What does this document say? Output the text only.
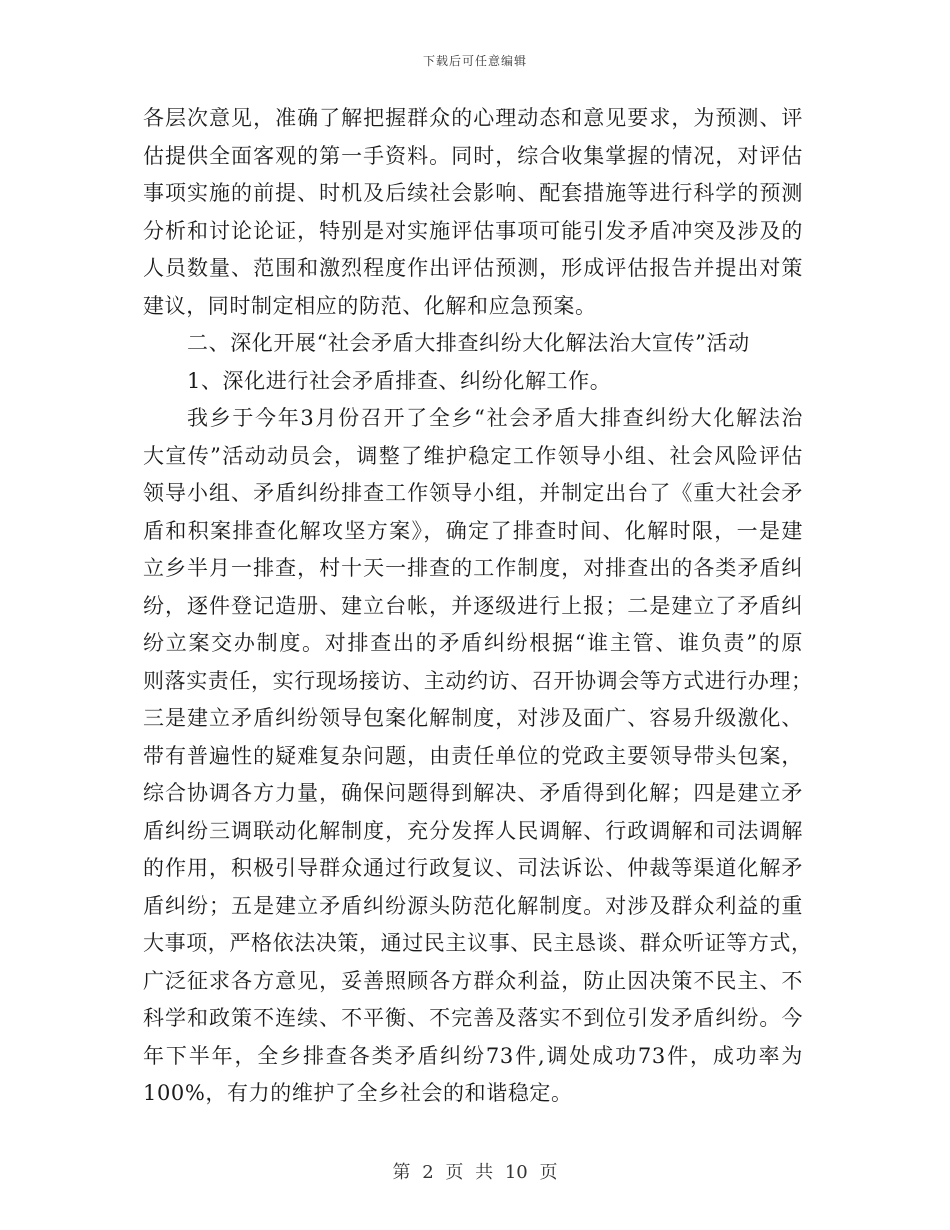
下载后可任意编辑
各层次意见，准确了解把握群众的心理动态和意见要求，为预测、评
估提供全面客观的第一手资料。同时，综合收集掌握的情况，对评估
事项实施的前提、时机及后续社会影响、配套措施等进行科学的预测
分析和讨论论证，特别是对实施评估事项可能引发矛盾冲突及涉及的
人员数量、范围和激烈程度作出评估预测，形成评估报告并提出对策
建议，同时制定相应的防范、化解和应急预案。
二、深化开展“社会矛盾大排查纠纷大化解法治大宣传”活动
1、深化进行社会矛盾排查、纠纷化解工作。
我乡于今年3月份召开了全乡“社会矛盾大排查纠纷大化解法治
大宣传”活动动员会，调整了维护稳定工作领导小组、社会风险评估
领导小组、矛盾纠纷排查工作领导小组，并制定出台了《重大社会矛
盾和积案排查化解攻坚方案》，确定了排查时间、化解时限，一是建
立乡半月一排查，村十天一排查的工作制度，对排查出的各类矛盾纠
纷，逐件登记造册、建立台帐，并逐级进行上报；二是建立了矛盾纠
纷立案交办制度。对排查出的矛盾纠纷根据“谁主管、谁负责”的原
则落实责任，实行现场接访、主动约访、召开协调会等方式进行办理；
三是建立矛盾纠纷领导包案化解制度，对涉及面广、容易升级激化、
带有普遍性的疑难复杂问题，由责任单位的党政主要领导带头包案，
综合协调各方力量，确保问题得到解决、矛盾得到化解；四是建立矛
盾纠纷三调联动化解制度，充分发挥人民调解、行政调解和司法调解
的作用，积极引导群众通过行政复议、司法诉讼、仲裁等渠道化解矛
盾纠纷；五是建立矛盾纠纷源头防范化解制度。对涉及群众利益的重
大事项，严格依法决策，通过民主议事、民主恳谈、群众听证等方式，
广泛征求各方意见，妥善照顾各方群众利益，防止因决策不民主、不
科学和政策不连续、不平衡、不完善及落实不到位引发矛盾纠纷。今
年下半年，全乡排查各类矛盾纠纷73件,调处成功73件，成功率为
100%，有力的维护了全乡社会的和谐稳定。
第 2 页 共 10 页
